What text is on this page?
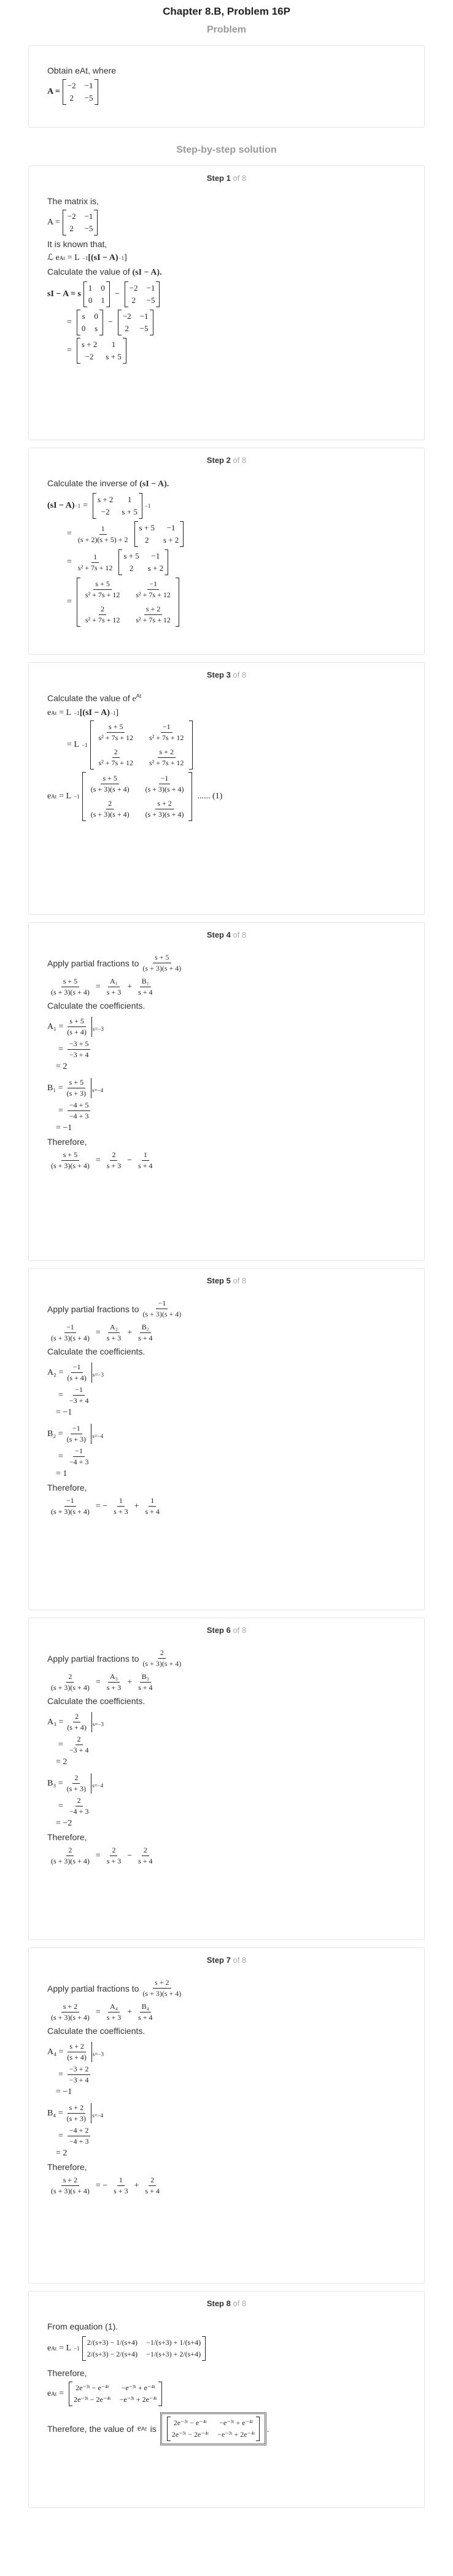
Chapter 8.B, Problem 16P
Problem
Obtain eAt, where
A =
−2 −1
2 −5
Step-by-step solution
Step 1 of 8
The matrix is,
A =
−2 −1
2 −5
It is known that,
ℒ e At = L −1 [(sI − A) −1 ]
Calculate the value of (sI − A).
sI − A = s
1 0
0 1
−
−2 −1
2 −5
=
s 0
0 s
−
−2 −1
2 −5
=
s + 2 1
−2 s + 5
Step 2 of 8
Calculate the inverse of (sI − A).
(sI − A) −1 =
s + 2 1
−2 s + 5
−1
= $\frac{1}{(s + 2)(s + 5) + 2}$ s + 5 −1
2 s + 2
= $\frac{1}{\text{s² + 7s + 12}}$ s + 5 −1
2 s + 2
=
$\frac{s + 5}{\text{s² + 7s + 12}} \frac{-1}{\text{s² + 7s + 12}}$
$\frac{2}{\text{s² + 7s + 12}} \frac{s + 2}{\text{s² + 7s + 12}}$
Step 3 of 8
Calculate the value of $e^{At}$
e At = L −1 [(sI − A) −1 ]
= L −1
$\frac{s + 5}{\text{s² + 7s + 12}} \frac{-1}{\text{s² + 7s + 12}}$
$\frac{2}{\text{s² + 7s + 12}} \frac{s + 2}{\text{s² + 7s + 12}}$
e At = L −1
$\frac{s + 5}{(s + 3)(s + 4)} \frac{-1}{(s + 3)(s + 4)}$
$\frac{2}{(s + 3)(s + 4)} \frac{s + 2}{(s + 3)(s + 4)}$
...... (1)
Step 4 of 8
Apply partial fractions to $\frac{s + 5}{(s + 3)(s + 4)}$
$\frac{s + 5}{(s + 3)(s + 4)} = \frac{\text{A₁}}{s + 3} + \frac{\text{B₁}}{s + 4}$
Calculate the coefficients.
$A_1 = \frac{s + 5}{(s + 4)} s=-3$
= $\frac{-3 + 5}{-3 + 4}$
= 2
$B_1 = \frac{s + 5}{(s + 3)} s=-4$
= $\frac{-4 + 5}{-4 + 3}$
= −1
Therefore,
$\frac{s + 5}{(s + 3)(s + 4)} = \frac{2}{s + 3} - \frac{1}{s + 4}$
Step 5 of 8
Apply partial fractions to $\frac{-1}{(s + 3)(s + 4)}$
$\frac{-1}{(s + 3)(s + 4)} = \frac{\text{A₂}}{s + 3} + \frac{\text{B₂}}{s + 4}$
Calculate the coefficients.
$A_2 = \frac{-1}{(s + 4)} s=-3$
= $\frac{-1}{-3 + 4}$
= −1
$B_2 = \frac{-1}{(s + 3)} s=-4$
= $\frac{-1}{-4 + 3}$
= 1
Therefore,
$\frac{-1}{(s + 3)(s + 4)}$ = − $\frac{1}{s + 3} + \frac{1}{s + 4}$
Step 6 of 8
Apply partial fractions to $\frac{2}{(s + 3)(s + 4)}$
$\frac{2}{(s + 3)(s + 4)} = \frac{\text{A₃}}{s + 3} + \frac{\text{B₃}}{s + 4}$
Calculate the coefficients.
$A_3 = \frac{2}{(s + 4)} s=-3$
= $\frac{2}{-3 + 4}$
= 2
$B_3 = \frac{2}{(s + 3)} s=-4$
= $\frac{2}{-4 + 3}$
= −2
Therefore,
$\frac{2}{(s + 3)(s + 4)} = \frac{2}{s + 3} - \frac{2}{s + 4}$
Step 7 of 8
Apply partial fractions to $\frac{s + 2}{(s + 3)(s + 4)}$
$\frac{s + 2}{(s + 3)(s + 4)} = \frac{\text{A₄}}{s + 3} + \frac{\text{B₄}}{s + 4}$
Calculate the coefficients.
$A_4 = \frac{s + 2}{(s + 4)} s=-3$
= $\frac{-3 + 2}{-3 + 4}$
= −1
$B_4 = \frac{s + 2}{(s + 3)} s=-4$
= $\frac{-4 + 2}{-4 + 3}$
= 2
Therefore,
$\frac{s + 2}{(s + 3)(s + 4)}$ = − $\frac{1}{s + 3} + \frac{2}{s + 4}$
Step 8 of 8
From equation (1).
e At = L −1
2/(s+3) − 1/(s+4) −1/(s+3) + 1/(s+4)
2/(s+3) − 2/(s+4) −1/(s+3) + 2/(s+4)
Therefore,
e At =
2e⁻³ᵗ − e⁻⁴ᵗ −e⁻³ᵗ + e⁻⁴ᵗ
2e⁻³ᵗ − 2e⁻⁴ᵗ −e⁻³ᵗ + 2e⁻⁴ᵗ
Therefore, the value of e At is
2e⁻³ᵗ − e⁻⁴ᵗ −e⁻³ᵗ + e⁻⁴ᵗ
2e⁻³ᵗ − 2e⁻⁴ᵗ −e⁻³ᵗ + 2e⁻⁴ᵗ
.
